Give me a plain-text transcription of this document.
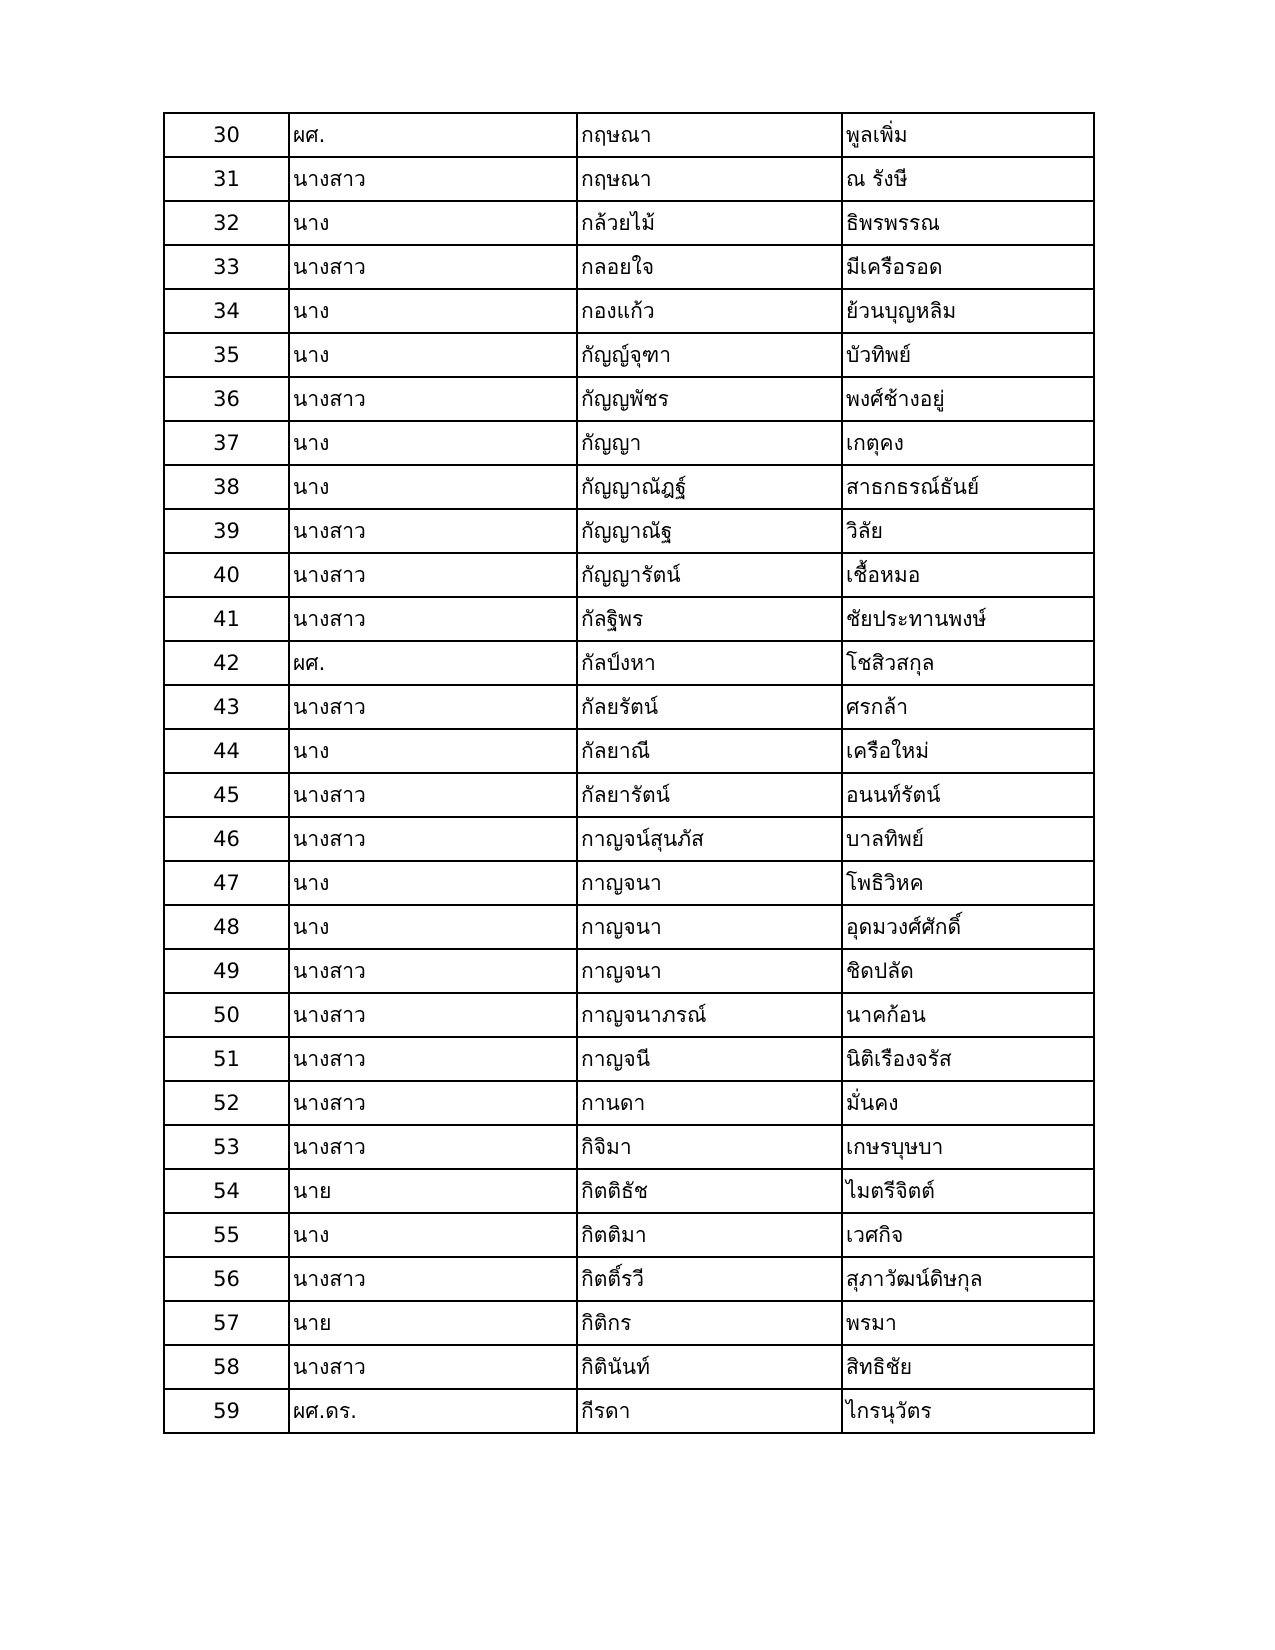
30	ผศ.	กฤษณา	พูลเพิ่ม
31	นางสาว	กฤษณา	ณ รังษี
32	นาง	กล้วยไม้	ธิพรพรรณ
33	นางสาว	กลอยใจ	มีเครือรอด
34	นาง	กองแก้ว	ย้วนบุญหลิม
35	นาง	กัญญ์จุฑา	บัวทิพย์
36	นางสาว	กัญญพัชร	พงศ์ช้างอยู่
37	นาง	กัญญา	เกตุคง
38	นาง	กัญญาณัฎฐ์	สาธกธรณ์ธันย์
39	นางสาว	กัญญาณัฐ	วิลัย
40	นางสาว	กัญญารัตน์	เชื้อหมอ
41	นางสาว	กัลฐิพร	ชัยประทานพงษ์
42	ผศ.	กัลป์งหา	โชสิวสกุล
43	นางสาว	กัลยรัตน์	ศรกล้า
44	นาง	กัลยาณี	เครือใหม่
45	นางสาว	กัลยารัตน์	อนนท์รัตน์
46	นางสาว	กาญจน์สุนภัส	บาลทิพย์
47	นาง	กาญจนา	โพธิวิหค
48	นาง	กาญจนา	อุดมวงศ์ศักดิ์
49	นางสาว	กาญจนา	ชิดปลัด
50	นางสาว	กาญจนาภรณ์	นาคก้อน
51	นางสาว	กาญจนี	นิติเรืองจรัส
52	นางสาว	กานดา	มั่นคง
53	นางสาว	กิจิมา	เกษรบุษบา
54	นาย	กิตติธัช	ไมตรีจิตต์
55	นาง	กิตติมา	เวศกิจ
56	นางสาว	กิตติ์รวี	สุภาวัฒน์ดิษกุล
57	นาย	กิติกร	พรมา
58	นางสาว	กิตินันท์	สิทธิชัย
59	ผศ.ดร.	กีรดา	ไกรนุวัตร
